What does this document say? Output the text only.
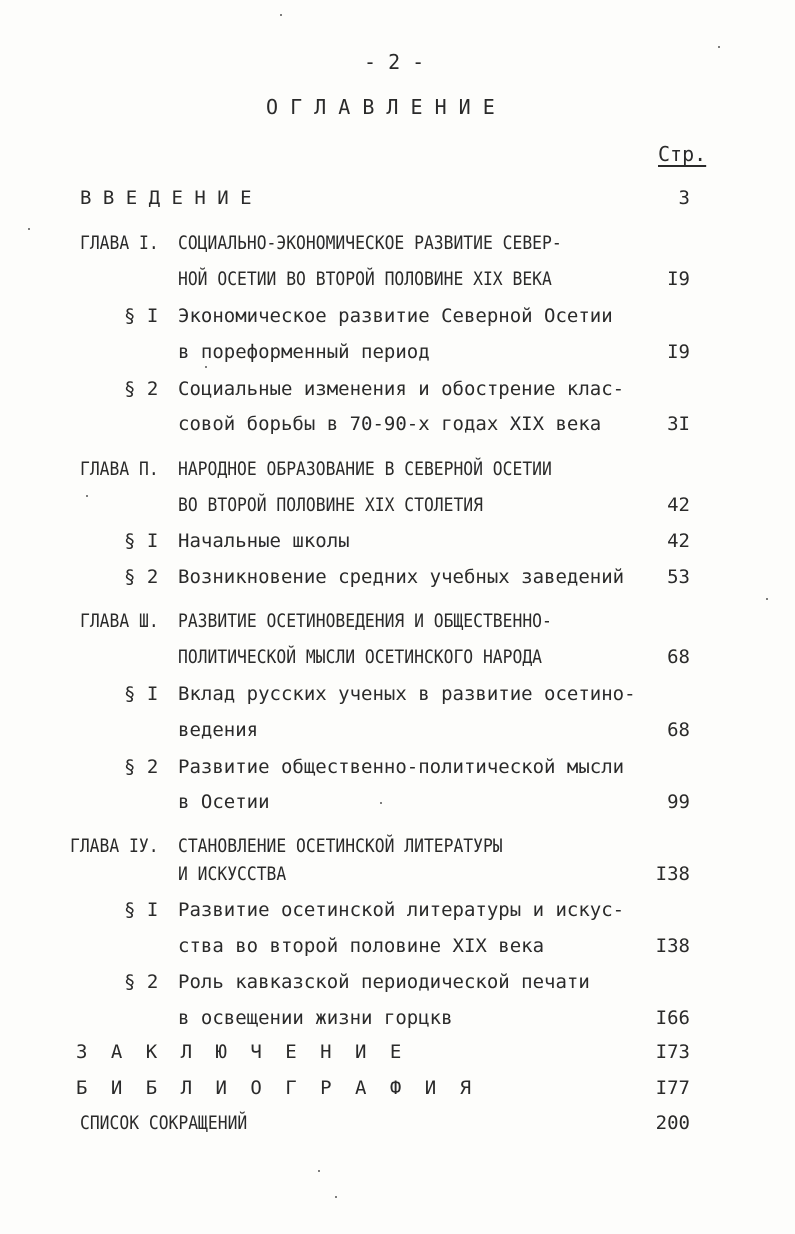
- 2 -
О Г Л А В Л Е Н И Е
Стр.
В В Е Д Е Н И Е	3
ГЛАВА I. СОЦИАЛЬНО-ЭКОНОМИЧЕСКОЕ РАЗВИТИЕ СЕВЕР-
НОЙ ОСЕТИИ ВО ВТОРОЙ ПОЛОВИНЕ XIX ВЕКА	I9
§ I Экономическое развитие Северной Осетии
в пореформенный период	I9
§ 2 Социальные изменения и обострение клас-
совой борьбы в 70-90-х годах XIX века	3I
ГЛАВА П. НАРОДНОЕ ОБРАЗОВАНИЕ В СЕВЕРНОЙ ОСЕТИИ
ВО ВТОРОЙ ПОЛОВИНЕ XIX СТОЛЕТИЯ	42
§ I Начальные школы	42
§ 2 Возникновение средних учебных заведений	53
ГЛАВА Ш. РАЗВИТИЕ ОСЕТИНОВЕДЕНИЯ И ОБЩЕСТВЕННО-
ПОЛИТИЧЕСКОЙ МЫСЛИ ОСЕТИНСКОГО НАРОДА	68
§ I Вклад русских ученых в развитие осетино-
ведения	68
§ 2 Развитие общественно-политической мысли
в Осетии	99
ГЛАВА IУ. СТАНОВЛЕНИЕ ОСЕТИНСКОЙ ЛИТЕРАТУРЫ
И ИСКУССТВА	I38
§ I Развитие осетинской литературы и искус-
ства во второй половине XIX века	I38
§ 2 Роль кавказской периодической печати
в освещении жизни горцкв	I66
З А К Л Ю Ч Е Н И Е	I73
Б И Б Л И О Г Р А Ф И Я	I77
СПИСОК СОКРАЩЕНИЙ	200
